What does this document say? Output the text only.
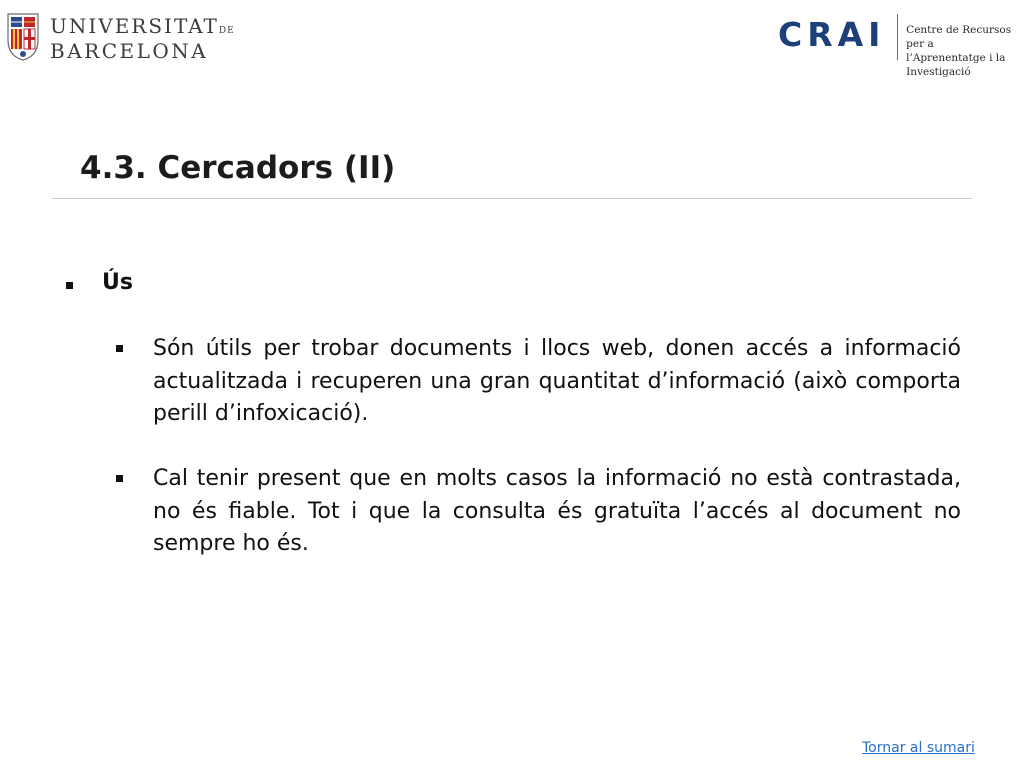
UNIVERSITATDE
BARCELONA	CRAI Centre de Recursos per a
l’Aprenentatge i la Investigació
4.3. Cercadors (II)
Ús

Són útils per trobar documents i llocs web, donen accés a informació actualitzada i recuperen una gran quantitat d’informació (això comporta perill d’infoxicació).

Cal tenir present que en molts casos la informació no està contrastada, no és fiable. Tot i que la consulta és gratuïta l’accés al document no sempre ho és.

Tornar al sumari
